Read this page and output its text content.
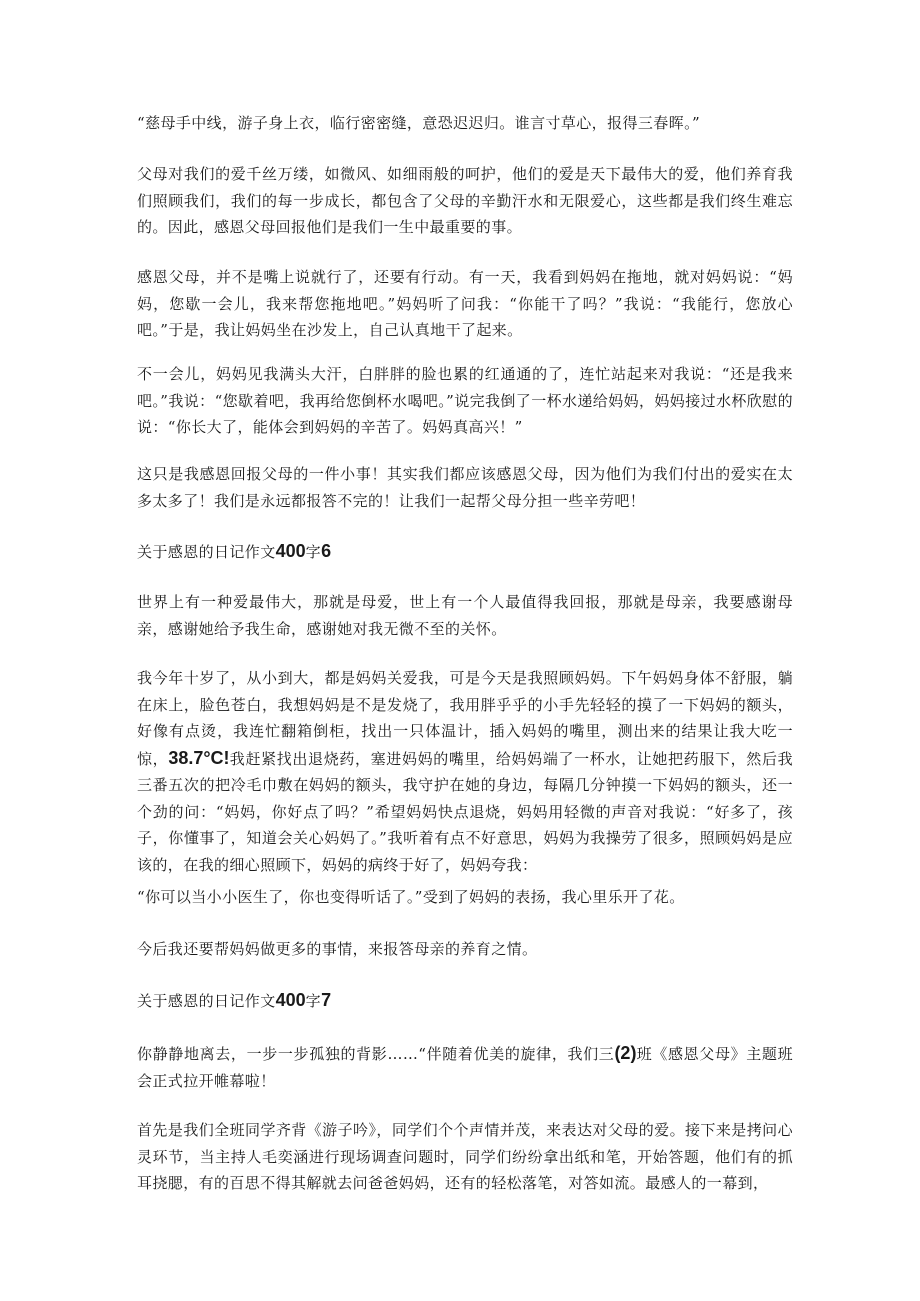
“慈母手中线，游子身上衣，临行密密缝，意恐迟迟归。谁言寸草心，报得三春晖。”

父母对我们的爱千丝万缕，如微风、如细雨般的呵护，他们的爱是天下最伟大的爱，他们养育我们照顾我们，我们的每一步成长，都包含了父母的辛勤汗水和无限爱心，这些都是我们终生难忘的。因此，感恩父母回报他们是我们一生中最重要的事。

感恩父母，并不是嘴上说就行了，还要有行动。有一天，我看到妈妈在拖地，就对妈妈说：“妈妈，您歇一会儿，我来帮您拖地吧。”妈妈听了问我：“你能干了吗？”我说：“我能行，您放心吧。”于是，我让妈妈坐在沙发上，自己认真地干了起来。

不一会儿，妈妈见我满头大汗，白胖胖的脸也累的红通通的了，连忙站起来对我说：“还是我来吧。”我说：“您歇着吧，我再给您倒杯水喝吧。”说完我倒了一杯水递给妈妈，妈妈接过水杯欣慰的说：“你长大了，能体会到妈妈的辛苦了。妈妈真高兴！”

这只是我感恩回报父母的一件小事！其实我们都应该感恩父母，因为他们为我们付出的爱实在太多太多了！我们是永远都报答不完的！让我们一起帮父母分担一些辛劳吧！

关于感恩的日记作文400字6

世界上有一种爱最伟大，那就是母爱，世上有一个人最值得我回报，那就是母亲，我要感谢母亲，感谢她给予我生命，感谢她对我无微不至的关怀。

我今年十岁了，从小到大，都是妈妈关爱我，可是今天是我照顾妈妈。下午妈妈身体不舒服，躺在床上，脸色苍白，我想妈妈是不是发烧了，我用胖乎乎的小手先轻轻的摸了一下妈妈的额头，好像有点烫，我连忙翻箱倒柜，找出一只体温计，插入妈妈的嘴里，测出来的结果让我大吃一惊，38.7°C!我赶紧找出退烧药，塞进妈妈的嘴里，给妈妈端了一杯水，让她把药服下，然后我三番五次的把冷毛巾敷在妈妈的额头，我守护在她的身边，每隔几分钟摸一下妈妈的额头，还一个劲的问：“妈妈，你好点了吗？”希望妈妈快点退烧，妈妈用轻微的声音对我说：“好多了，孩子，你懂事了，知道会关心妈妈了。”我听着有点不好意思，妈妈为我操劳了很多，照顾妈妈是应该的，在我的细心照顾下，妈妈的病终于好了，妈妈夸我：

“你可以当小小医生了，你也变得听话了。”受到了妈妈的表扬，我心里乐开了花。

今后我还要帮妈妈做更多的事情，来报答母亲的养育之情。

关于感恩的日记作文400字7

你静静地离去，一步一步孤独的背影……“伴随着优美的旋律，我们三(2)班《感恩父母》主题班会正式拉开帷幕啦！

首先是我们全班同学齐背《游子吟》，同学们个个声情并茂，来表达对父母的爱。接下来是拷问心灵环节，当主持人毛奕涵进行现场调查问题时，同学们纷纷拿出纸和笔，开始答题，他们有的抓耳挠腮，有的百思不得其解就去问爸爸妈妈，还有的轻松落笔，对答如流。最感人的一幕到，
